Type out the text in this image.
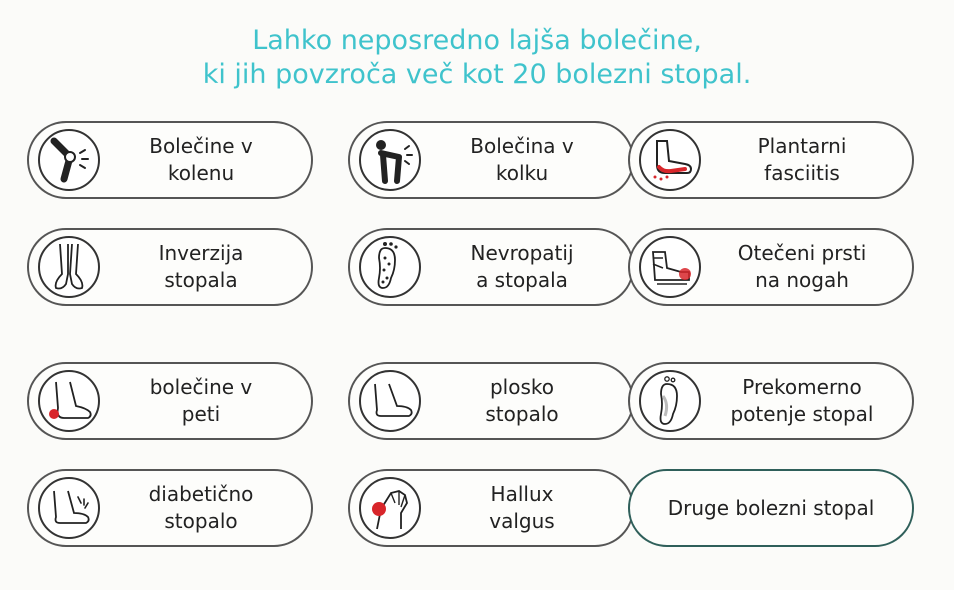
Lahko neposredno lajša bolečine,
ki jih povzroča več kot 20 bolezni stopal.
Bolečine v
kolenu
Bolečina v
kolku
Plantarni
fasciitis
Inverzija
stopala
Nevropatij
a stopala
Otečeni prsti
na nogah
bolečine v
peti
plosko
stopalo
Prekomerno
potenje stopal
diabetično
stopalo
Hallux
valgus
Druge bolezni stopal
